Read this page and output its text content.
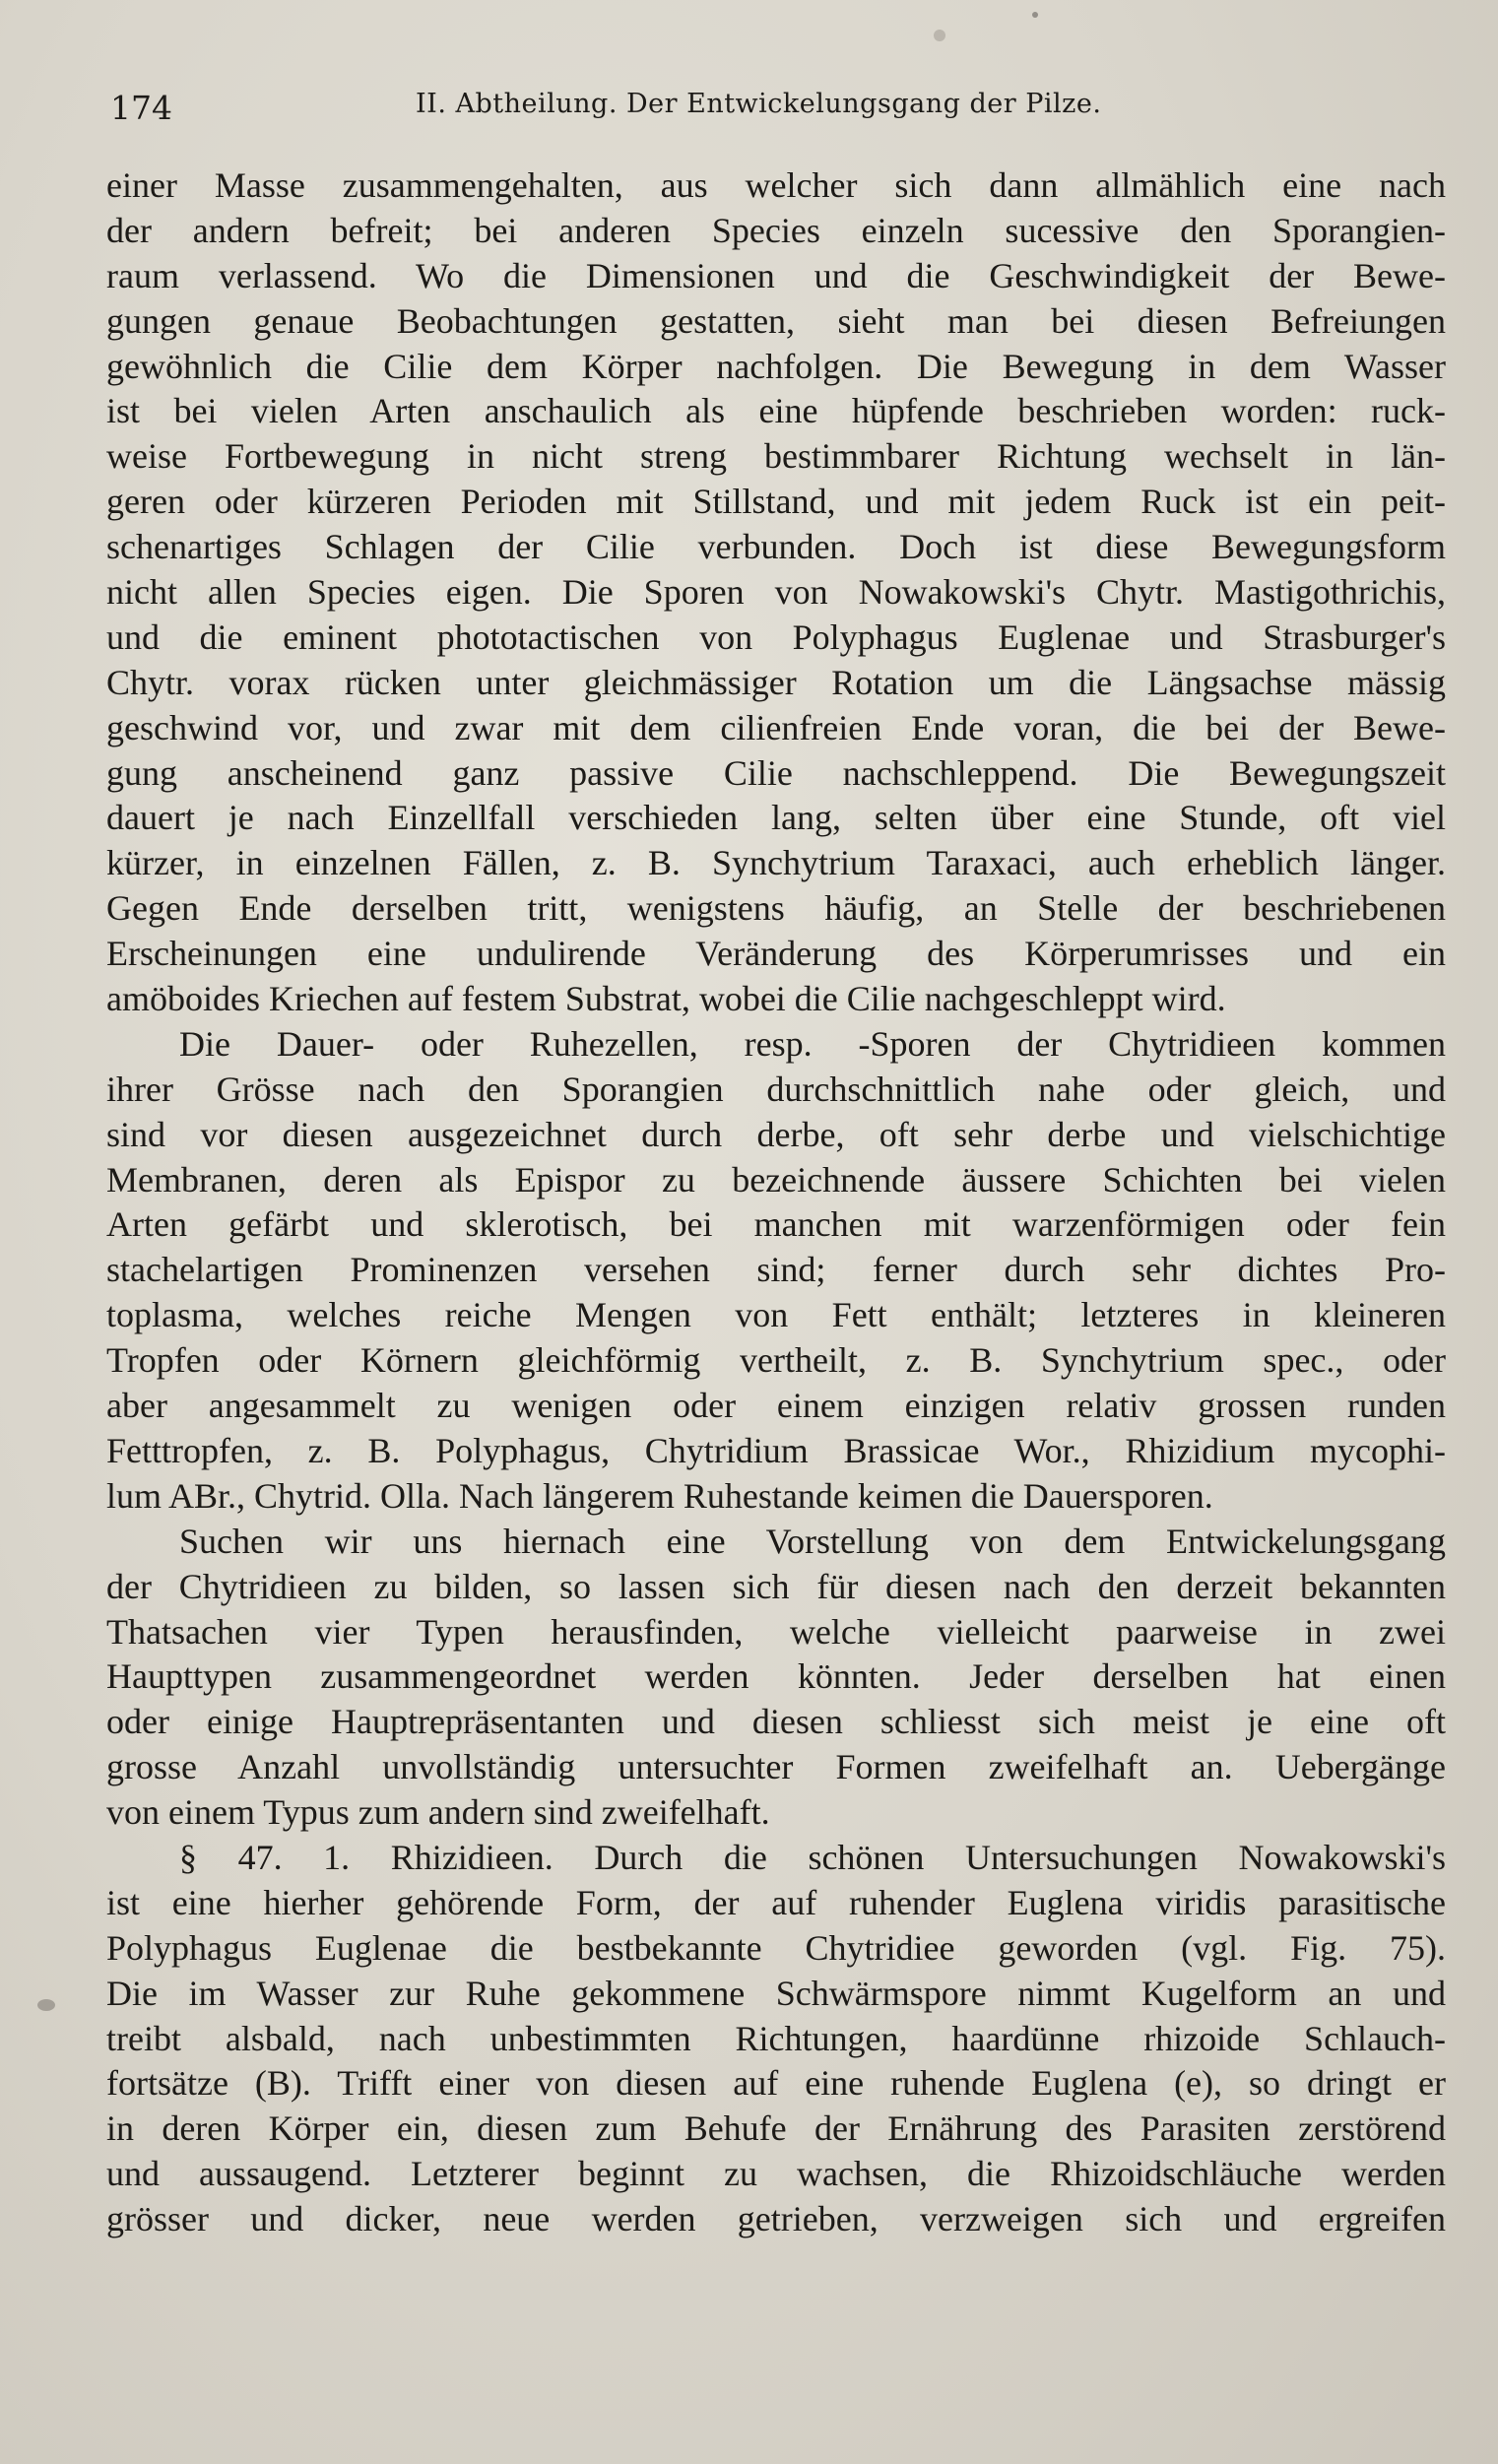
174	II. Abtheilung. Der Entwickelungsgang der Pilze.
einer Masse zusammengehalten, aus welcher sich dann allmählich eine nach
der andern befreit; bei anderen Species einzeln sucessive den Sporangien-
raum verlassend. Wo die Dimensionen und die Geschwindigkeit der Bewe-
gungen genaue Beobachtungen gestatten, sieht man bei diesen Befreiungen
gewöhnlich die Cilie dem Körper nachfolgen. Die Bewegung in dem Wasser
ist bei vielen Arten anschaulich als eine hüpfende beschrieben worden: ruck-
weise Fortbewegung in nicht streng bestimmbarer Richtung wechselt in län-
geren oder kürzeren Perioden mit Stillstand, und mit jedem Ruck ist ein peit-
schenartiges Schlagen der Cilie verbunden. Doch ist diese Bewegungsform
nicht allen Species eigen. Die Sporen von Nowakowski's Chytr. Mastigothrichis,
und die eminent phototactischen von Polyphagus Euglenae und Strasburger's
Chytr. vorax rücken unter gleichmässiger Rotation um die Längsachse mässig
geschwind vor, und zwar mit dem cilienfreien Ende voran, die bei der Bewe-
gung anscheinend ganz passive Cilie nachschleppend. Die Bewegungszeit
dauert je nach Einzellfall verschieden lang, selten über eine Stunde, oft viel
kürzer, in einzelnen Fällen, z. B. Synchytrium Taraxaci, auch erheblich länger.
Gegen Ende derselben tritt, wenigstens häufig, an Stelle der beschriebenen
Erscheinungen eine undulirende Veränderung des Körperumrisses und ein
amöboides Kriechen auf festem Substrat, wobei die Cilie nachgeschleppt wird.
Die Dauer- oder Ruhezellen, resp. -Sporen der Chytridieen kommen
ihrer Grösse nach den Sporangien durchschnittlich nahe oder gleich, und
sind vor diesen ausgezeichnet durch derbe, oft sehr derbe und vielschichtige
Membranen, deren als Epispor zu bezeichnende äussere Schichten bei vielen
Arten gefärbt und sklerotisch, bei manchen mit warzenförmigen oder fein
stachelartigen Prominenzen versehen sind; ferner durch sehr dichtes Pro-
toplasma, welches reiche Mengen von Fett enthält; letzteres in kleineren
Tropfen oder Körnern gleichförmig vertheilt, z. B. Synchytrium spec., oder
aber angesammelt zu wenigen oder einem einzigen relativ grossen runden
Fetttropfen, z. B. Polyphagus, Chytridium Brassicae Wor., Rhizidium mycophi-
lum ABr., Chytrid. Olla. Nach längerem Ruhestande keimen die Dauersporen.
Suchen wir uns hiernach eine Vorstellung von dem Entwickelungsgang
der Chytridieen zu bilden, so lassen sich für diesen nach den derzeit bekannten
Thatsachen vier Typen herausfinden, welche vielleicht paarweise in zwei
Haupttypen zusammengeordnet werden könnten. Jeder derselben hat einen
oder einige Hauptrepräsentanten und diesen schliesst sich meist je eine oft
grosse Anzahl unvollständig untersuchter Formen zweifelhaft an. Uebergänge
von einem Typus zum andern sind zweifelhaft.
§ 47. 1. Rhizidieen. Durch die schönen Untersuchungen Nowakowski's
ist eine hierher gehörende Form, der auf ruhender Euglena viridis parasitische
Polyphagus Euglenae die bestbekannte Chytridiee geworden (vgl. Fig. 75).
Die im Wasser zur Ruhe gekommene Schwärmspore nimmt Kugelform an und
treibt alsbald, nach unbestimmten Richtungen, haardünne rhizoide Schlauch-
fortsätze (B). Trifft einer von diesen auf eine ruhende Euglena (e), so dringt er
in deren Körper ein, diesen zum Behufe der Ernährung des Parasiten zerstörend
und aussaugend. Letzterer beginnt zu wachsen, die Rhizoidschläuche werden
grösser und dicker, neue werden getrieben, verzweigen sich und ergreifen
